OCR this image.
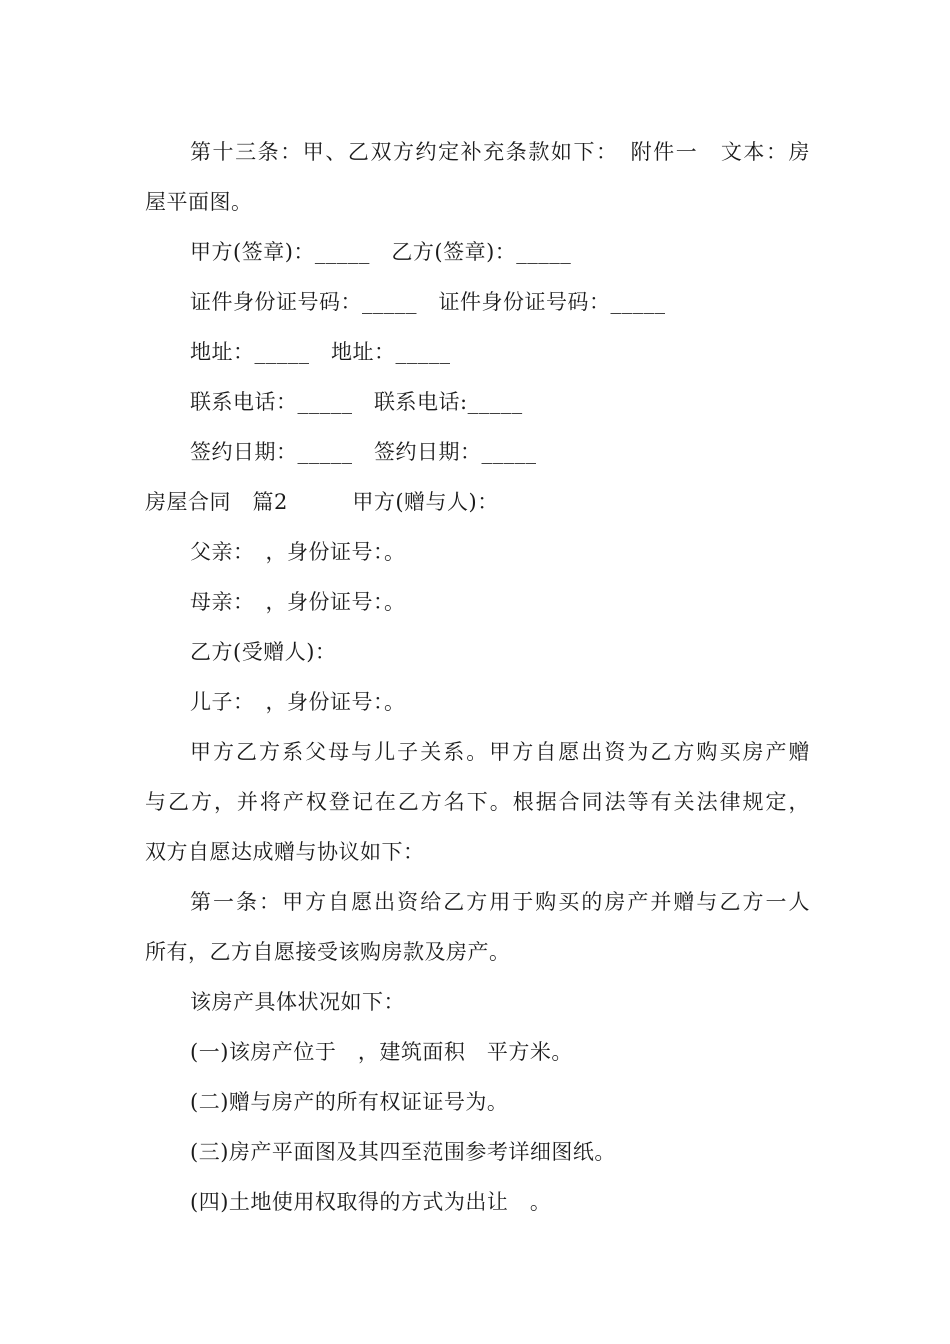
第十三条：甲、乙双方约定补充条款如下：　附件一　文本：房
屋平面图。
甲方(签章)：_____　乙方(签章)：_____
证件身份证号码：_____　证件身份证号码：_____
地址：_____　地址：_____
联系电话：_____　联系电话:_____
签约日期：_____　签约日期：_____
房屋合同　篇2　　　甲方(赠与人)：
父亲：　，身份证号：。
母亲：　，身份证号：。
乙方(受赠人)：
儿子：　，身份证号：。
甲方乙方系父母与儿子关系。甲方自愿出资为乙方购买房产赠
与乙方，并将产权登记在乙方名下。根据合同法等有关法律规定，
双方自愿达成赠与协议如下：
第一条：甲方自愿出资给乙方用于购买的房产并赠与乙方一人
所有，乙方自愿接受该购房款及房产。
该房产具体状况如下：
(一)该房产位于　，建筑面积　平方米。
(二)赠与房产的所有权证证号为。
(三)房产平面图及其四至范围参考详细图纸。
(四)土地使用权取得的方式为出让　。
